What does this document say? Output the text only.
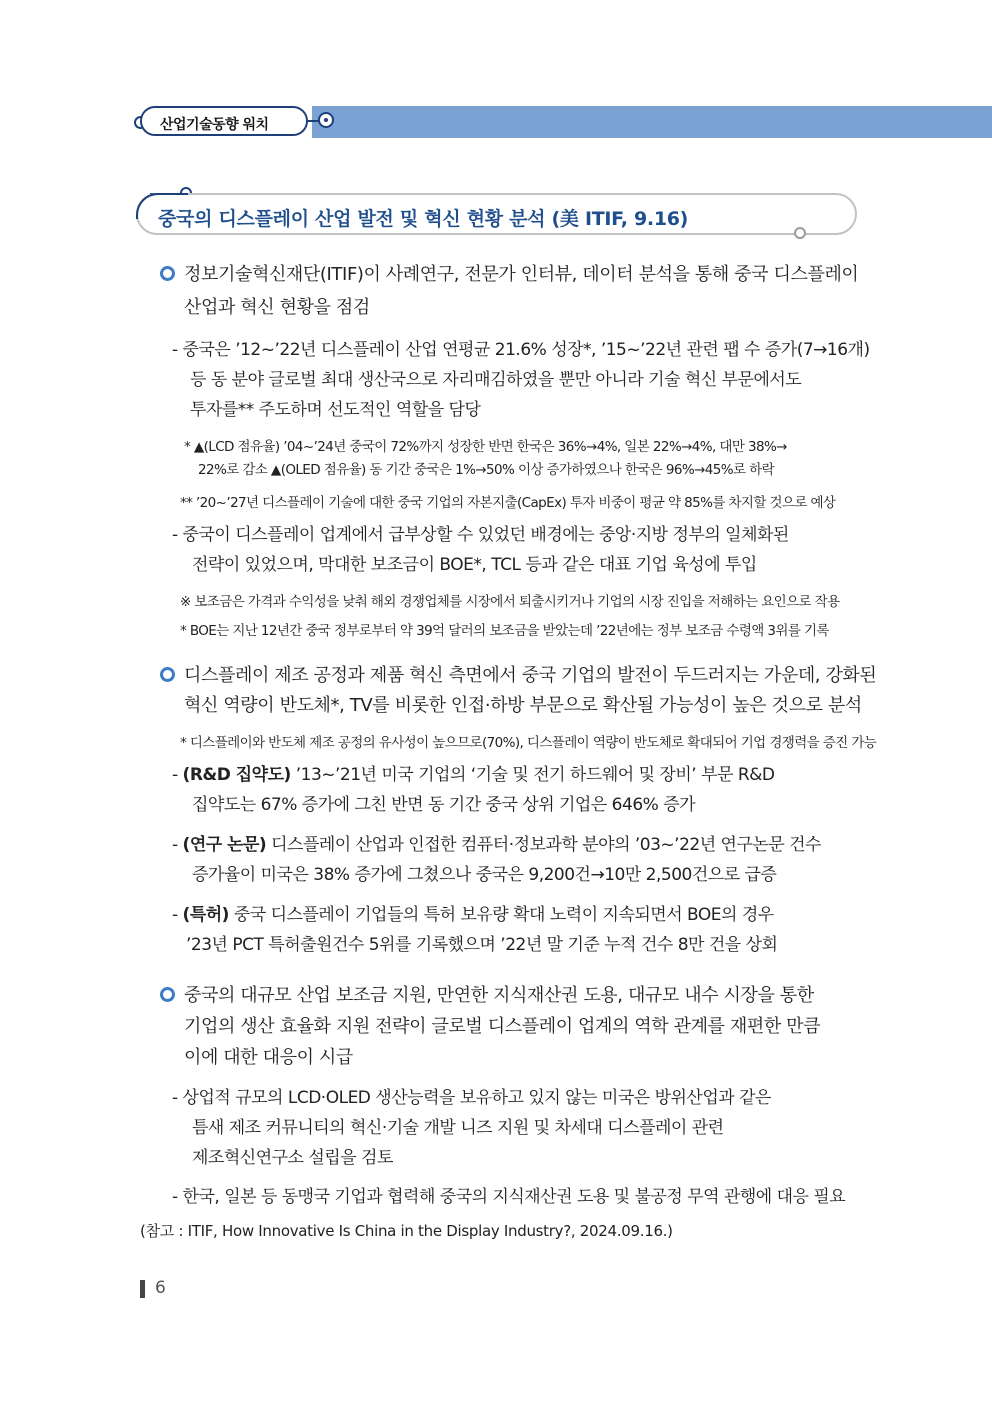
산업기술동향 워치
중국의 디스플레이 산업 발전 및 혁신 현황 분석 (美 ITIF, 9.16)
정보기술혁신재단(ITIF)이 사례연구, 전문가 인터뷰, 데이터 분석을 통해 중국 디스플레이
산업과 혁신 현황을 점검
- 중국은 ’12~’22년 디스플레이 산업 연평균 21.6% 성장*, ’15~’22년 관련 팹 수 증가(7→16개)
등 동 분야 글로벌 최대 생산국으로 자리매김하였을 뿐만 아니라 기술 혁신 부문에서도
투자를** 주도하며 선도적인 역할을 담당
* ▲(LCD 점유율) ’04~’24년 중국이 72%까지 성장한 반면 한국은 36%→4%, 일본 22%→4%, 대만 38%→
22%로 감소 ▲(OLED 점유율) 동 기간 중국은 1%→50% 이상 증가하였으나 한국은 96%→45%로 하락
** ’20~’27년 디스플레이 기술에 대한 중국 기업의 자본지출(CapEx) 투자 비중이 평균 약 85%를 차지할 것으로 예상
- 중국이 디스플레이 업계에서 급부상할 수 있었던 배경에는 중앙·지방 정부의 일체화된
전략이 있었으며, 막대한 보조금이 BOE*, TCL 등과 같은 대표 기업 육성에 투입
※ 보조금은 가격과 수익성을 낮춰 해외 경쟁업체를 시장에서 퇴출시키거나 기업의 시장 진입을 저해하는 요인으로 작용
* BOE는 지난 12년간 중국 정부로부터 약 39억 달러의 보조금을 받았는데 ’22년에는 정부 보조금 수령액 3위를 기록
디스플레이 제조 공정과 제품 혁신 측면에서 중국 기업의 발전이 두드러지는 가운데, 강화된
혁신 역량이 반도체*, TV를 비롯한 인접·하방 부문으로 확산될 가능성이 높은 것으로 분석
* 디스플레이와 반도체 제조 공정의 유사성이 높으므로(70%), 디스플레이 역량이 반도체로 확대되어 기업 경쟁력을 증진 가능
- (R&D 집약도) ’13~’21년 미국 기업의 ‘기술 및 전기 하드웨어 및 장비’ 부문 R&D
집약도는 67% 증가에 그친 반면 동 기간 중국 상위 기업은 646% 증가
- (연구 논문) 디스플레이 산업과 인접한 컴퓨터·정보과학 분야의 ’03~’22년 연구논문 건수
증가율이 미국은 38% 증가에 그쳤으나 중국은 9,200건→10만 2,500건으로 급증
- (특허) 중국 디스플레이 기업들의 특허 보유량 확대 노력이 지속되면서 BOE의 경우
’23년 PCT 특허출원건수 5위를 기록했으며 ’22년 말 기준 누적 건수 8만 건을 상회
중국의 대규모 산업 보조금 지원, 만연한 지식재산권 도용, 대규모 내수 시장을 통한
기업의 생산 효율화 지원 전략이 글로벌 디스플레이 업계의 역학 관계를 재편한 만큼
이에 대한 대응이 시급
- 상업적 규모의 LCD·OLED 생산능력을 보유하고 있지 않는 미국은 방위산업과 같은
틈새 제조 커뮤니티의 혁신·기술 개발 니즈 지원 및 차세대 디스플레이 관련
제조혁신연구소 설립을 검토
- 한국, 일본 등 동맹국 기업과 협력해 중국의 지식재산권 도용 및 불공정 무역 관행에 대응 필요
(참고 : ITIF, How Innovative Is China in the Display Industry?, 2024.09.16.)
6
